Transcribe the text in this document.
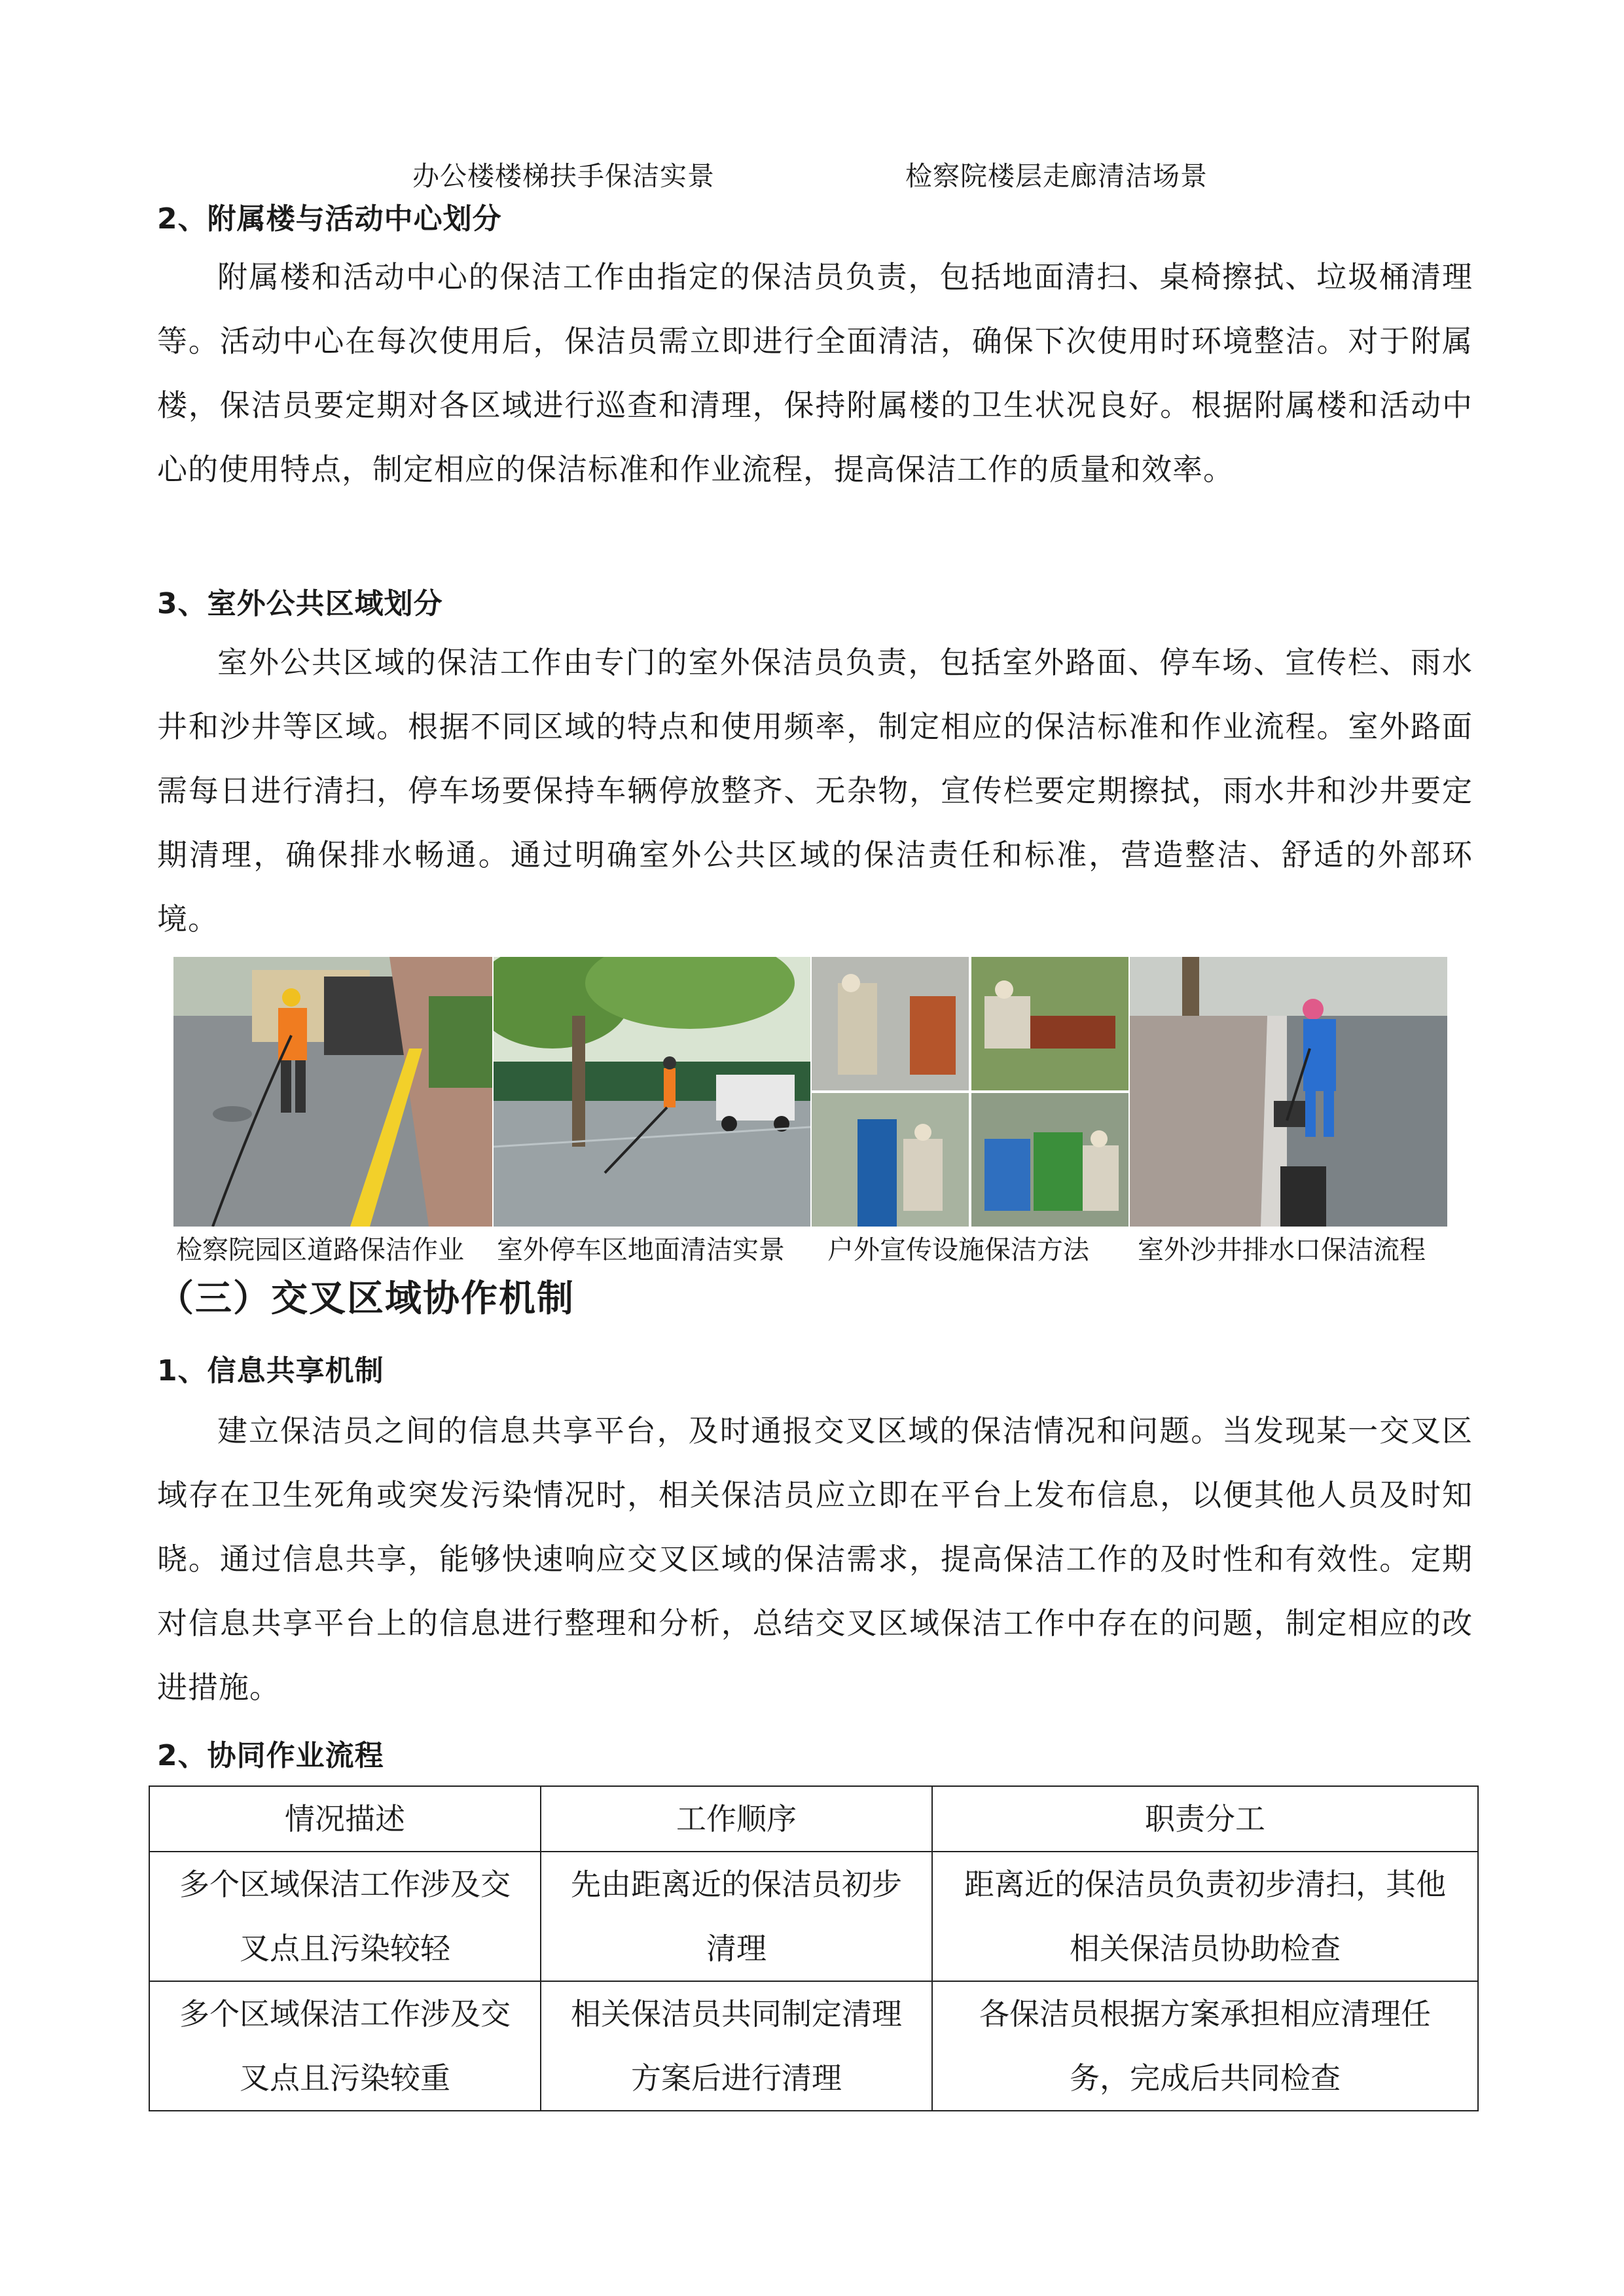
办公楼楼梯扶手保洁实景	检察院楼层走廊清洁场景
2、附属楼与活动中心划分

附属楼和活动中心的保洁工作由指定的保洁员负责，包括地面清扫、桌椅擦拭、垃圾桶清理等。活动中心在每次使用后，保洁员需立即进行全面清洁，确保下次使用时环境整洁。对于附属楼，保洁员要定期对各区域进行巡查和清理，保持附属楼的卫生状况良好。根据附属楼和活动中心的使用特点，制定相应的保洁标准和作业流程，提高保洁工作的质量和效率。

3、室外公共区域划分

室外公共区域的保洁工作由专门的室外保洁员负责，包括室外路面、停车场、宣传栏、雨水井和沙井等区域。根据不同区域的特点和使用频率，制定相应的保洁标准和作业流程。室外路面需每日进行清扫，停车场要保持车辆停放整齐、无杂物，宣传栏要定期擦拭，雨水井和沙井要定期清理，确保排水畅通。通过明确室外公共区域的保洁责任和标准，营造整洁、舒适的外部环境。

检察院园区道路保洁作业 室外停车区地面清洁实景 户外宣传设施保洁方法 室外沙井排水口保洁流程
（三）交叉区域协作机制
1、信息共享机制

建立保洁员之间的信息共享平台，及时通报交叉区域的保洁情况和问题。当发现某一交叉区域存在卫生死角或突发污染情况时，相关保洁员应立即在平台上发布信息，以便其他人员及时知晓。通过信息共享，能够快速响应交叉区域的保洁需求，提高保洁工作的及时性和有效性。定期对信息共享平台上的信息进行整理和分析，总结交叉区域保洁工作中存在的问题，制定相应的改进措施。

2、协同作业流程
情况描述	工作顺序	职责分工
多个区域保洁工作涉及交叉点且污染较轻	先由距离近的保洁员初步清理	距离近的保洁员负责初步清扫，其他相关保洁员协助检查
多个区域保洁工作涉及交叉点且污染较重	相关保洁员共同制定清理方案后进行清理	各保洁员根据方案承担相应清理任务，完成后共同检查
